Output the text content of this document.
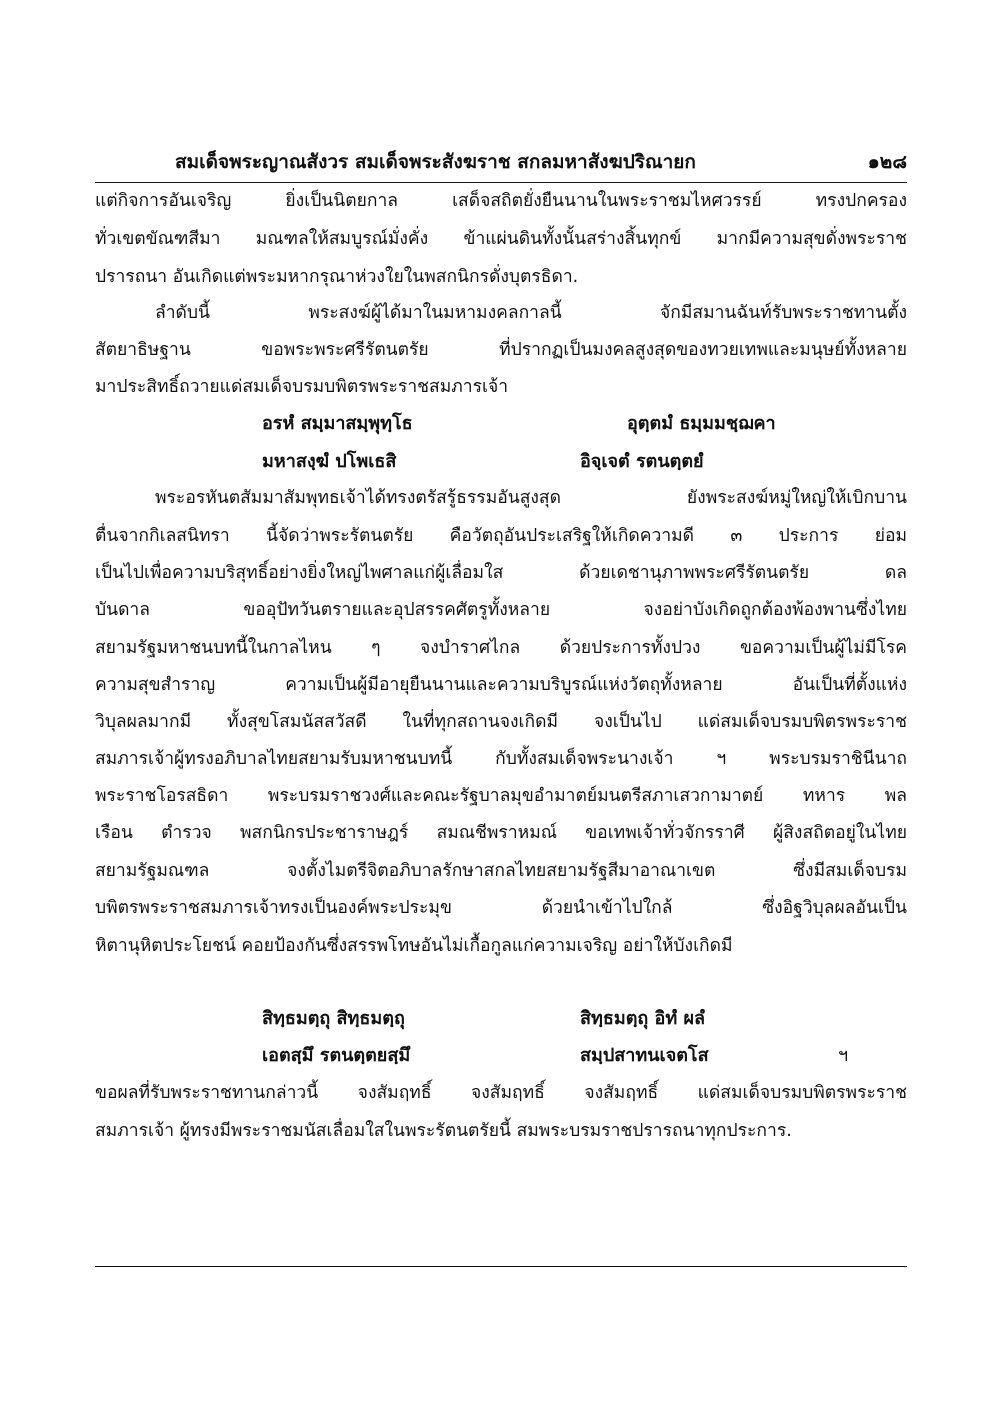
สมเด็จพระญาณสังวร สมเด็จพระสังฆราช สกลมหาสังฆปริณายก	๑๒๘
แต่กิจการอันเจริญ ยิ่งเป็นนิตยกาล เสด็จสถิตยั่งยืนนานในพระราชมไหศวรรย์ ทรงปกครอง
ทั่วเขตขัณฑสีมา มณฑลให้สมบูรณ์มั่งคั่ง ข้าแผ่นดินทั้งนั้นสร่างสิ้นทุกข์ มากมีความสุขดั่งพระราช
ปรารถนา อันเกิดแต่พระมหากรุณาห่วงใยในพสกนิกรดั่งบุตรธิดา.
ลำดับนี้ พระสงฆ์ผู้ได้มาในมหามงคลกาลนี้ จักมีสมานฉันท์รับพระราชทานตั้ง
สัตยาธิษฐาน ขอพระพระศรีรัตนตรัย ที่ปรากฏเป็นมงคลสูงสุดของทวยเทพและมนุษย์ทั้งหลาย
มาประสิทธิ์ถวายแด่สมเด็จบรมบพิตรพระราชสมภารเจ้า
อรหํ สมฺมาสมฺพุทฺโธ	อุตฺตมํ ธมฺมมชฺฌคา
มหาสงฺฆํ ปโพเธสิ	อิจฺเจตํ รตนตฺตยํ
พระอรหันตสัมมาสัมพุทธเจ้าได้ทรงตรัสรู้ธรรมอันสูงสุด ยังพระสงฆ์หมู่ใหญ่ให้เบิกบาน
ตื่นจากกิเลสนิทรา นี้จัดว่าพระรัตนตรัย คือวัตถุอันประเสริฐให้เกิดความดี ๓ ประการ ย่อม
เป็นไปเพื่อความบริสุทธิ์อย่างยิ่งใหญ่ไพศาลแก่ผู้เลื่อมใส ด้วยเดชานุภาพพระศรีรัตนตรัย ดล
บันดาล ขออุปัทวันตรายและอุปสรรคศัตรูทั้งหลาย จงอย่าบังเกิดถูกต้องพ้องพานซึ่งไทย
สยามรัฐมหาชนบทนี้ในกาลไหน ๆ จงบำราศไกล ด้วยประการทั้งปวง ขอความเป็นผู้ไม่มีโรค
ความสุขสำราญ ความเป็นผู้มีอายุยืนนานและความบริบูรณ์แห่งวัตถุทั้งหลาย อันเป็นที่ตั้งแห่ง
วิบุลผลมากมี ทั้งสุขโสมนัสสวัสดี ในที่ทุกสถานจงเกิดมี จงเป็นไป แด่สมเด็จบรมบพิตรพระราช
สมภารเจ้าผู้ทรงอภิบาลไทยสยามรับมหาชนบทนี้ กับทั้งสมเด็จพระนางเจ้า ฯ พระบรมราชินีนาถ
พระราชโอรสธิดา พระบรมราชวงศ์และคณะรัฐบาลมุขอำมาตย์มนตรีสภาเสวกามาตย์ ทหาร พล
เรือน ตำรวจ พสกนิกรประชาราษฎร์ สมณชีพราหมณ์ ขอเทพเจ้าทั่วจักรราศี ผู้สิงสถิตอยู่ในไทย
สยามรัฐมณฑล จงตั้งไมตรีจิตอภิบาลรักษาสกลไทยสยามรัฐสีมาอาณาเขต ซึ่งมีสมเด็จบรม
บพิตรพระราชสมภารเจ้าทรงเป็นองค์พระประมุข ด้วยนำเข้าไปใกล้ ซึ่งอิฐวิบุลผลอันเป็น
หิตานุหิตประโยชน์ คอยป้องกันซึ่งสรรพโทษอันไม่เกื้อกูลแก่ความเจริญ อย่าให้บังเกิดมี
สิทฺธมตฺถุ สิทฺธมตฺถุ	สิทฺธมตฺถุ อิทํ ผลํ
เอตสฺมึ รตนตฺตยสฺมึ	สมฺปสาทนเจตโส	ฯ
ขอผลที่รับพระราชทานกล่าวนี้ จงสัมฤทธิ์ จงสัมฤทธิ์ จงสัมฤทธิ์ แด่สมเด็จบรมบพิตรพระราช
สมภารเจ้า ผู้ทรงมีพระราชมนัสเลื่อมใสในพระรัตนตรัยนี้ สมพระบรมราชปรารถนาทุกประการ.
